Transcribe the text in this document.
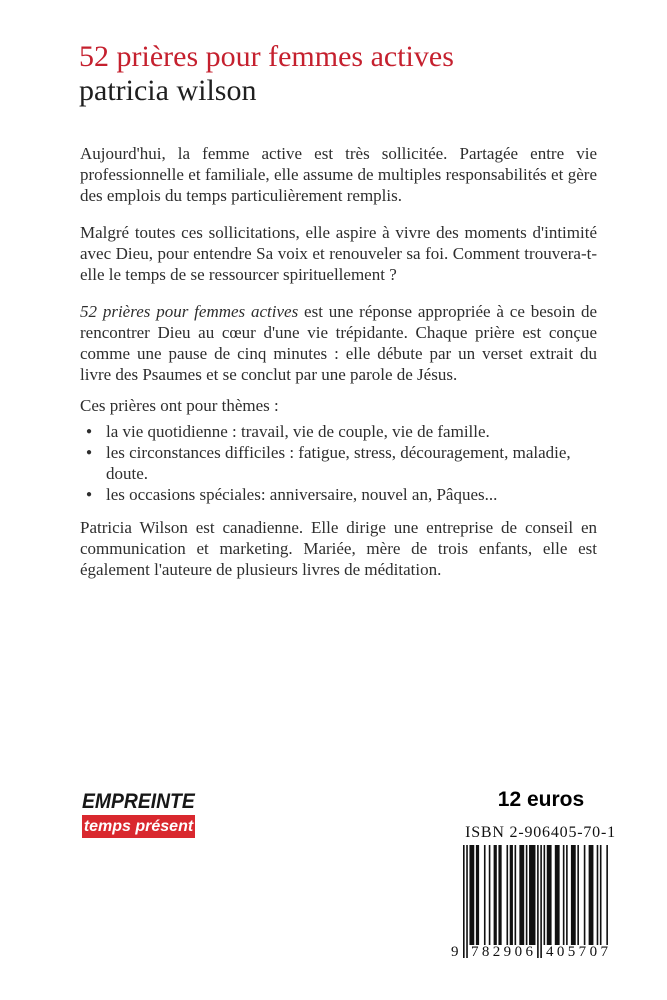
52 prières pour femmes actives
patricia wilson

Aujourd'hui, la femme active est très sollicitée. Partagée entre vie professionnelle et familiale, elle assume de multiples responsabilités et gère des emplois du temps particulièrement remplis.

Malgré toutes ces sollicitations, elle aspire à vivre des moments d'intimité avec Dieu, pour entendre Sa voix et renouveler sa foi. Comment trouvera-t-elle le temps de se ressourcer spirituellement ?

52 prières pour femmes actives est une réponse appropriée à ce besoin de rencontrer Dieu au cœur d'une vie trépidante. Chaque prière est conçue comme une pause de cinq minutes : elle débute par un verset extrait du livre des Psaumes et se conclut par une parole de Jésus.

Ces prières ont pour thèmes :

● la vie quotidienne : travail, vie de couple, vie de famille.
● les circonstances difficiles : fatigue, stress, découragement, maladie, doute.
● les occasions spéciales: anniversaire, nouvel an, Pâques...

Patricia Wilson est canadienne. Elle dirige une entreprise de conseil en communication et marketing. Mariée, mère de trois enfants, elle est également l'auteure de plusieurs livres de méditation.

EMPREINTE
temps présent
12 euros
ISBN 2-906405-70-1
9 7 8 2 9 0 6 4 0 5 7 0 7
